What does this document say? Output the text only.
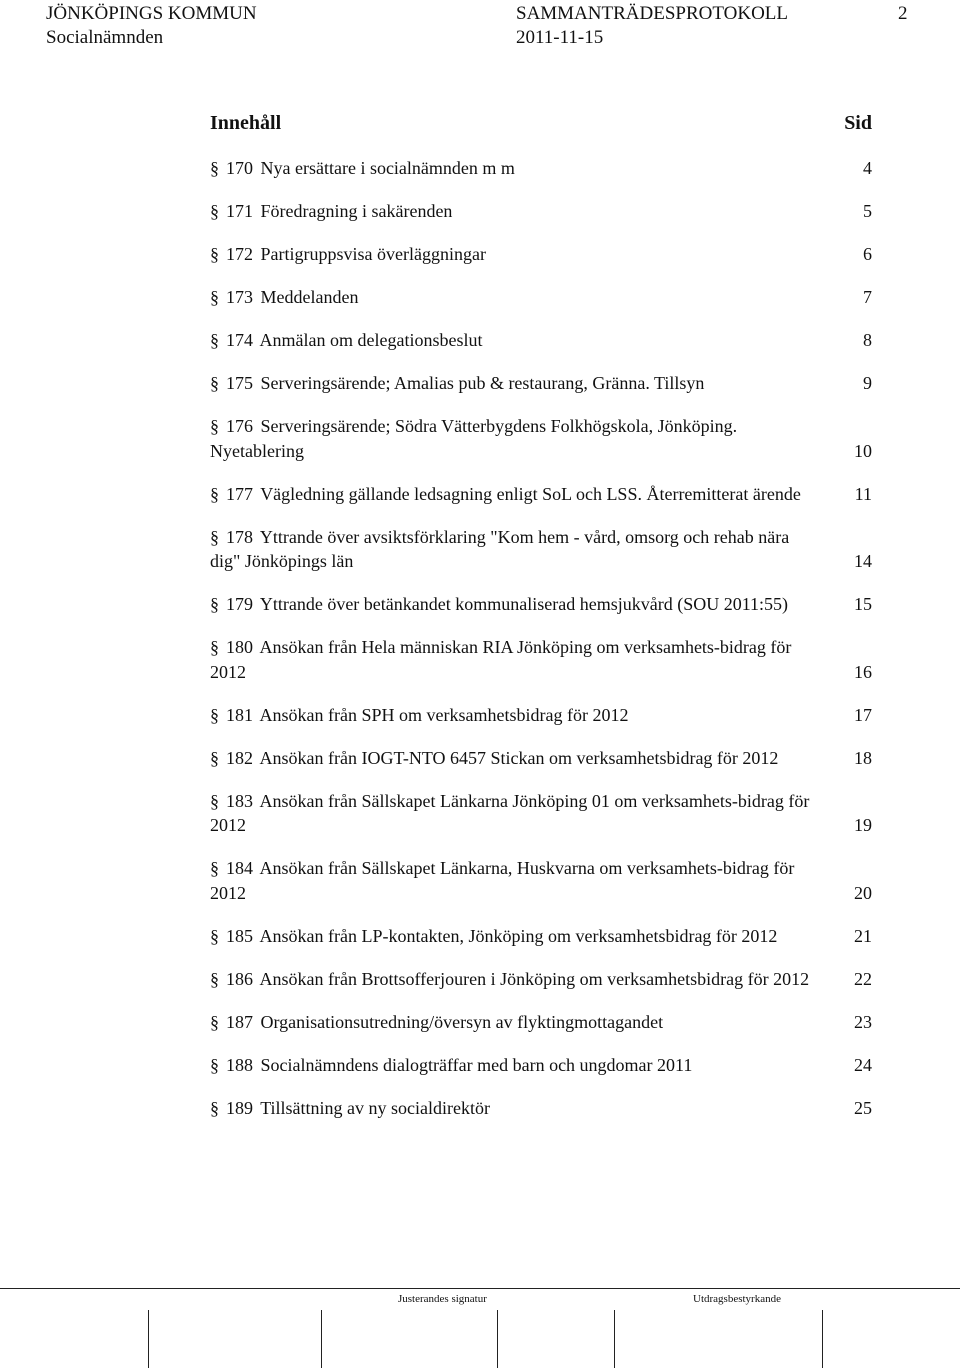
JÖNKÖPINGS KOMMUN
Socialnämnden
SAMMANTRÄDESPROTOKOLL
2011-11-15
2
Innehåll	Sid
§ 170 Nya ersättare i socialnämnden m m	4
§ 171 Föredragning i sakärenden	5
§ 172 Partigruppsvisa överläggningar	6
§ 173 Meddelanden	7
§ 174 Anmälan om delegationsbeslut	8
§ 175 Serveringsärende; Amalias pub & restaurang, Gränna. Tillsyn	9
§ 176 Serveringsärende; Södra Vätterbygdens Folkhögskola, Jönköping. Nyetablering	10
§ 177 Vägledning gällande ledsagning enligt SoL och LSS. Återremitterat ärende	11
§ 178 Yttrande över avsiktsförklaring "Kom hem - vård, omsorg och rehab nära dig" Jönköpings län	14
§ 179 Yttrande över betänkandet kommunaliserad hemsjukvård (SOU 2011:55)	15
§ 180 Ansökan från Hela människan RIA Jönköping om verksamhets-bidrag för 2012	16
§ 181 Ansökan från SPH om verksamhetsbidrag för 2012	17
§ 182 Ansökan från IOGT-NTO 6457 Stickan om verksamhetsbidrag för 2012	18
§ 183 Ansökan från Sällskapet Länkarna Jönköping 01 om verksamhets-bidrag för 2012	19
§ 184 Ansökan från Sällskapet Länkarna, Huskvarna om verksamhets-bidrag för 2012	20
§ 185 Ansökan från LP-kontakten, Jönköping om verksamhetsbidrag för 2012	21
§ 186 Ansökan från Brottsofferjouren i Jönköping om verksamhetsbidrag för 2012	22
§ 187 Organisationsutredning/översyn av flyktingmottagandet	23
§ 188 Socialnämndens dialogträffar med barn och ungdomar 2011	24
§ 189 Tillsättning av ny socialdirektör	25
Justerandes signatur	Utdragsbestyrkande
